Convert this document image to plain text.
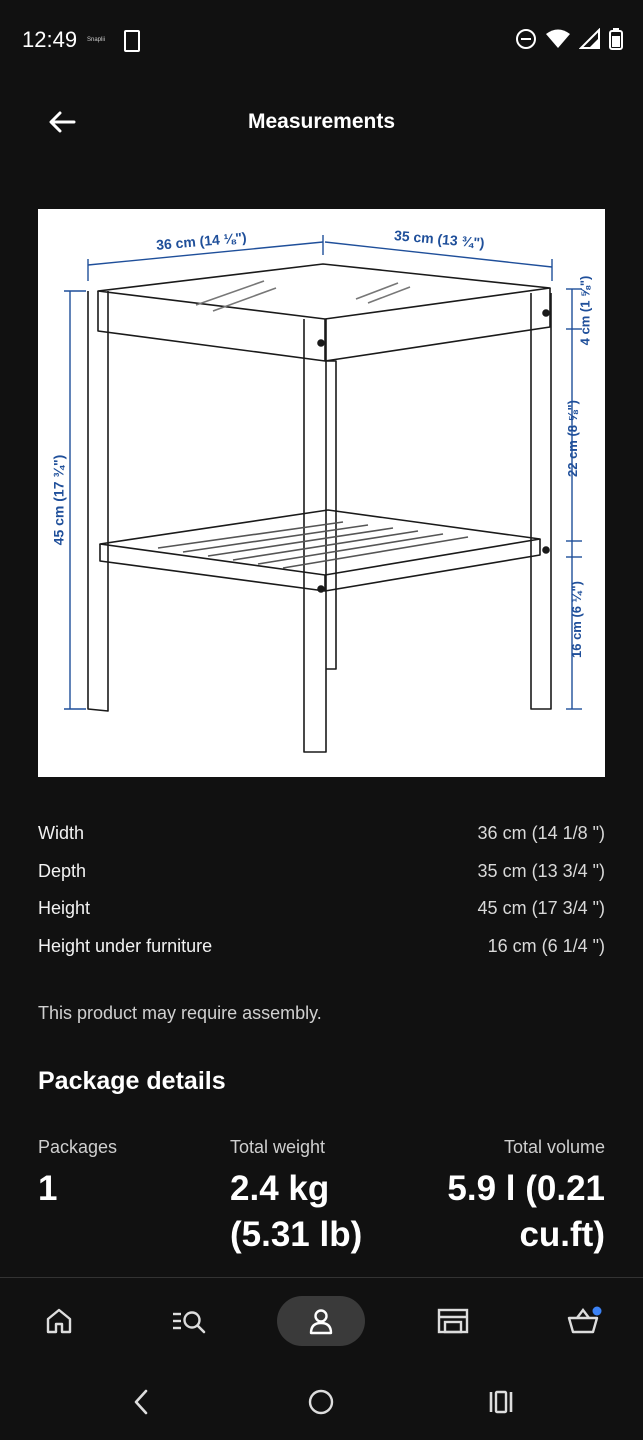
12:49 Snaplii
Measurements
36 cm (14 ⅛")	35 cm (13 ¾")
45 cm (17 ¾")
4 cm (1 ⅝")
22 cm (8 ⅝")
16 cm (6 ¼")
Width	36 cm (14 1/8 ")
Depth	35 cm (13 3/4 ")
Height	45 cm (17 3/4 ")
Height under furniture	16 cm (6 1/4 ")
This product may require assembly.
Package details
Packages
1
Total weight
2.4 kg
(5.31 lb)
Total volume
5.9 l (0.21
cu.ft)
